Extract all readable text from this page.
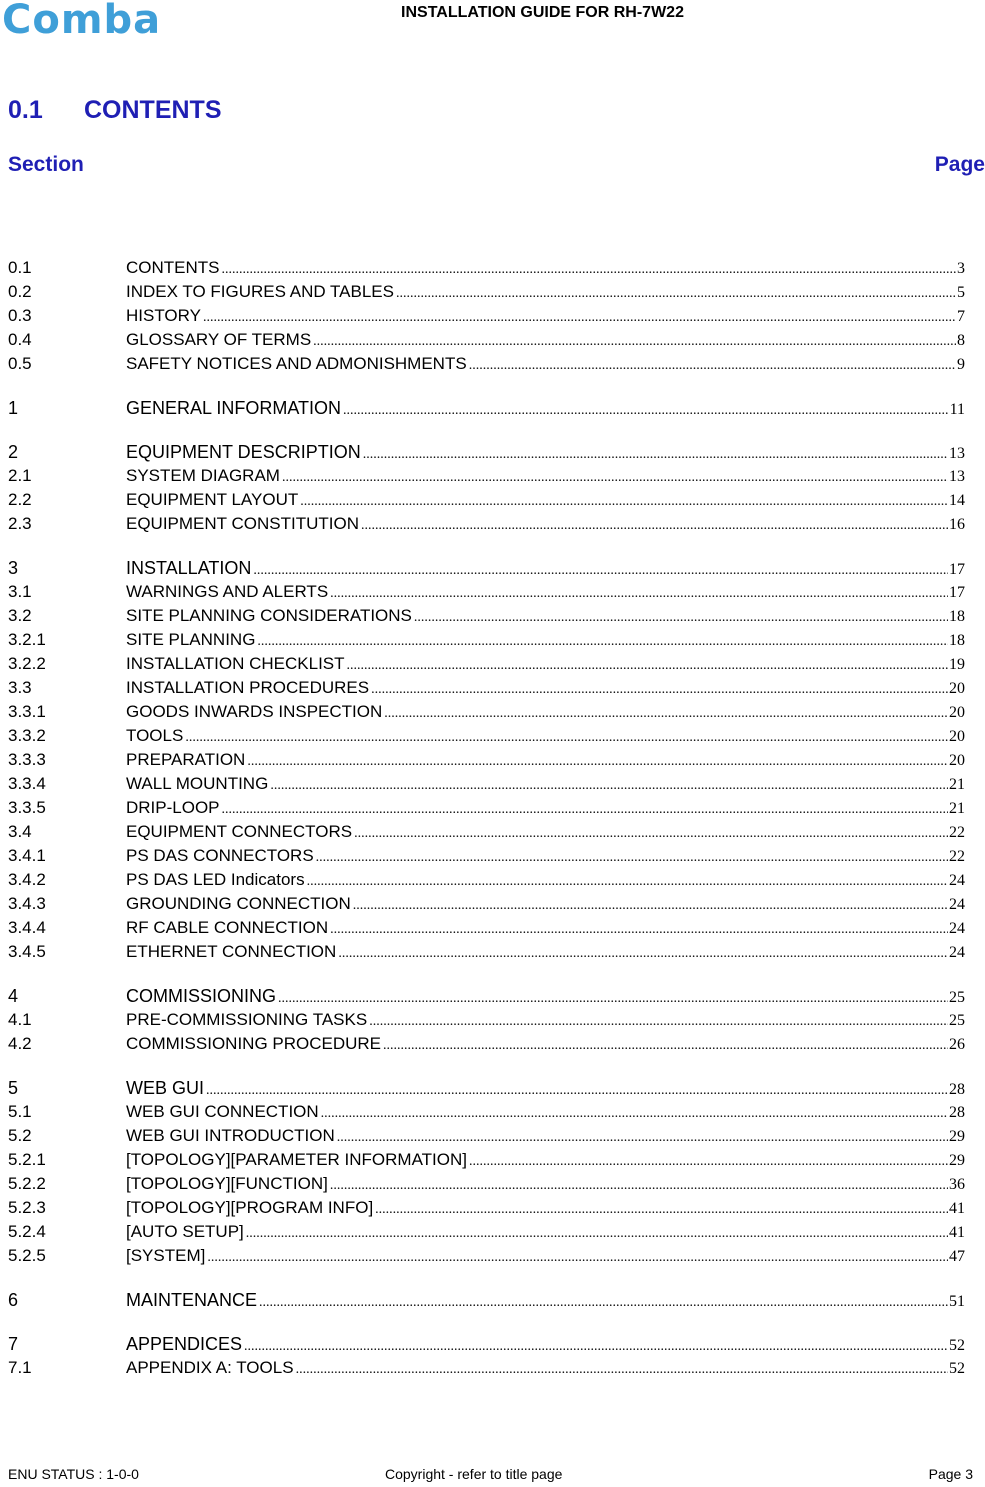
Comba	INSTALLATION GUIDE FOR RH-7W22
0.1 CONTENTS
Section	Page
0.1	CONTENTS .....	3
0.2	INDEX TO FIGURES AND TABLES .....	5
0.3	HISTORY .....	7
0.4	GLOSSARY OF TERMS .....	8
0.5	SAFETY NOTICES AND ADMONISHMENTS .....	9
1	GENERAL INFORMATION .....	11
2	EQUIPMENT DESCRIPTION .....	13
2.1	SYSTEM DIAGRAM .....	13
2.2	EQUIPMENT LAYOUT .....	14
2.3	EQUIPMENT CONSTITUTION .....	16
3	INSTALLATION .....	17
3.1	WARNINGS AND ALERTS .....	17
3.2	SITE PLANNING CONSIDERATIONS .....	18
3.2.1	SITE PLANNING .....	18
3.2.2	INSTALLATION CHECKLIST .....	19
3.3	INSTALLATION PROCEDURES .....	20
3.3.1	GOODS INWARDS INSPECTION .....	20
3.3.2	TOOLS .....	20
3.3.3	PREPARATION .....	20
3.3.4	WALL MOUNTING .....	21
3.3.5	DRIP-LOOP .....	21
3.4	EQUIPMENT CONNECTORS .....	22
3.4.1	PS DAS CONNECTORS .....	22
3.4.2	PS DAS LED Indicators .....	24
3.4.3	GROUNDING CONNECTION .....	24
3.4.4	RF CABLE CONNECTION .....	24
3.4.5	ETHERNET CONNECTION .....	24
4	COMMISSIONING .....	25
4.1	PRE-COMMISSIONING TASKS .....	25
4.2	COMMISSIONING PROCEDURE .....	26
5	WEB GUI .....	28
5.1	WEB GUI CONNECTION .....	28
5.2	WEB GUI INTRODUCTION .....	29
5.2.1	[TOPOLOGY][PARAMETER INFORMATION] .....	29
5.2.2	[TOPOLOGY][FUNCTION] .....	36
5.2.3	[TOPOLOGY][PROGRAM INFO] .....	41
5.2.4	[AUTO SETUP] .....	41
5.2.5	[SYSTEM] .....	47
6	MAINTENANCE .....	51
7	APPENDICES .....	52
7.1	APPENDIX A: TOOLS .....	52
ENU STATUS : 1-0-0	Copyright - refer to title page	Page 3
